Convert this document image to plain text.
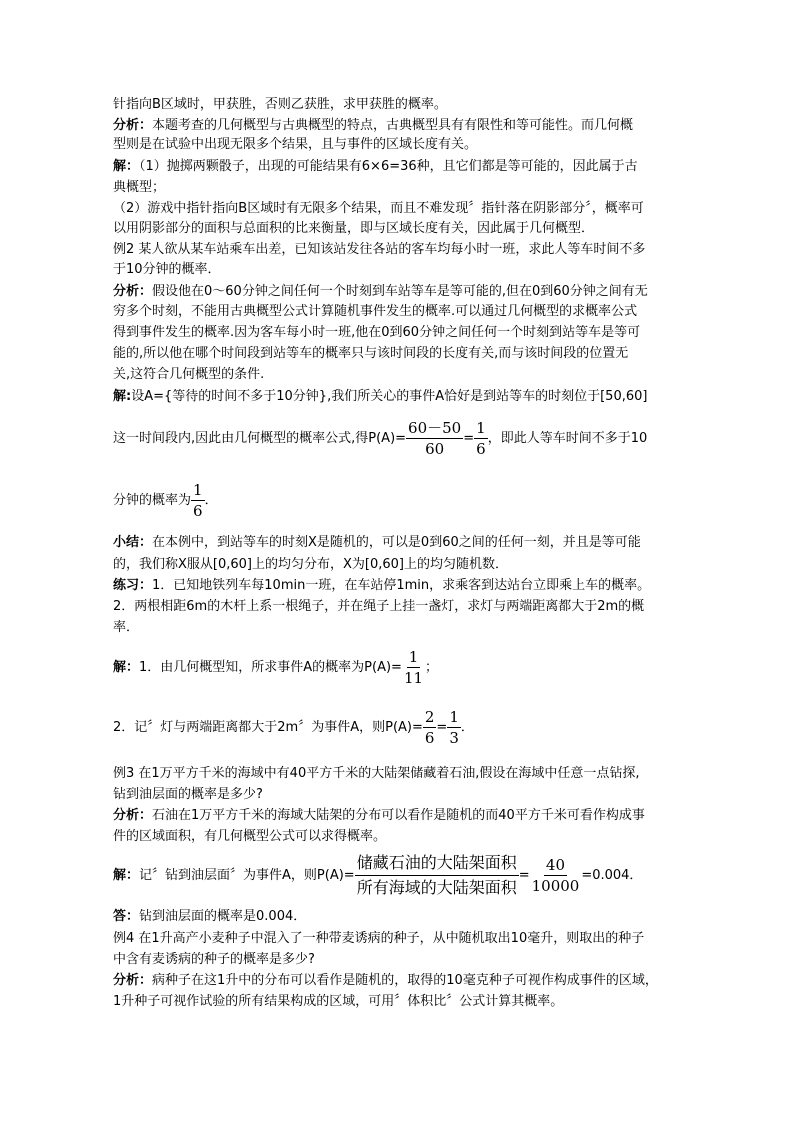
针指向B区域时，甲获胜，否则乙获胜，求甲获胜的概率。
分析：本题考查的几何概型与古典概型的特点，古典概型具有有限性和等可能性。而几何概
型则是在试验中出现无限多个结果，且与事件的区域长度有关。
解：（1）抛掷两颗骰子，出现的可能结果有6×6=36种，且它们都是等可能的，因此属于古
典概型；
（2）游戏中指针指向B区域时有无限多个结果，而且不难发现〞指针落在阴影部分〞，概率可
以用阴影部分的面积与总面积的比来衡量，即与区域长度有关，因此属于几何概型．
例2 某人欲从某车站乘车出差，已知该站发往各站的客车均每小时一班，求此人等车时间不多
于10分钟的概率．
分析：假设他在0～60分钟之间任何一个时刻到车站等车是等可能的,但在0到60分钟之间有无
穷多个时刻，不能用古典概型公式计算随机事件发生的概率.可以通过几何概型的求概率公式
得到事件发生的概率.因为客车每小时一班,他在0到60分钟之间任何一个时刻到站等车是等可
能的,所以他在哪个时间段到站等车的概率只与该时间段的长度有关,而与该时间段的位置无
关,这符合几何概型的条件.
解:设A={等待的时间不多于10分钟},我们所关心的事件A恰好是到站等车的时刻位于[50,60]
这一时间段内,因此由几何概型的概率公式,得$P(A)= \frac{60-50}{60} = \frac{1}{6}$ ，即此人等车时间不多于10
分钟的概率为 $\frac{1}{6}$ ．
小结：在本例中，到站等车的时刻X是随机的，可以是0到60之间的任何一刻，并且是等可能
的，我们称X服从[0,60]上的均匀分布，X为[0,60]上的均匀随机数．
练习：1．已知地铁列车每10min一班，在车站停1min，求乘客到达站台立即乘上车的概率。
2．两根相距6m的木杆上系一根绳子，并在绳子上挂一盏灯，求灯与两端距离都大于2m的概
率．
解：1．由几何概型知，所求事件A的概率为$P(A)= \frac{1}{11}$ ；
2．记〞灯与两端距离都大于2m〞为事件A，则$P(A)= \frac{2}{6} = \frac{1}{3}$ ．
例3 在1万平方千米的海域中有40平方千米的大陆架储藏着石油,假设在海域中任意一点钻探,
钻到油层面的概率是多少?
分析：石油在1万平方千米的海域大陆架的分布可以看作是随机的而40平方千米可看作构成事
件的区域面积，有几何概型公式可以求得概率。
解：记〞钻到油层面〞为事件A，则$P(A)= \frac{\text{储藏石油的大陆架面积}}{\text{所有海域的大陆架面积}} = \frac{40}{10000} =0.004$．
答：钻到油层面的概率是0.004．
例4 在1升高产小麦种子中混入了一种带麦诱病的种子，从中随机取出10毫升，则取出的种子
中含有麦诱病的种子的概率是多少?
分析：病种子在这1升中的分布可以看作是随机的，取得的10毫克种子可视作构成事件的区域，
1升种子可视作试验的所有结果构成的区域，可用〞体积比〞公式计算其概率。
